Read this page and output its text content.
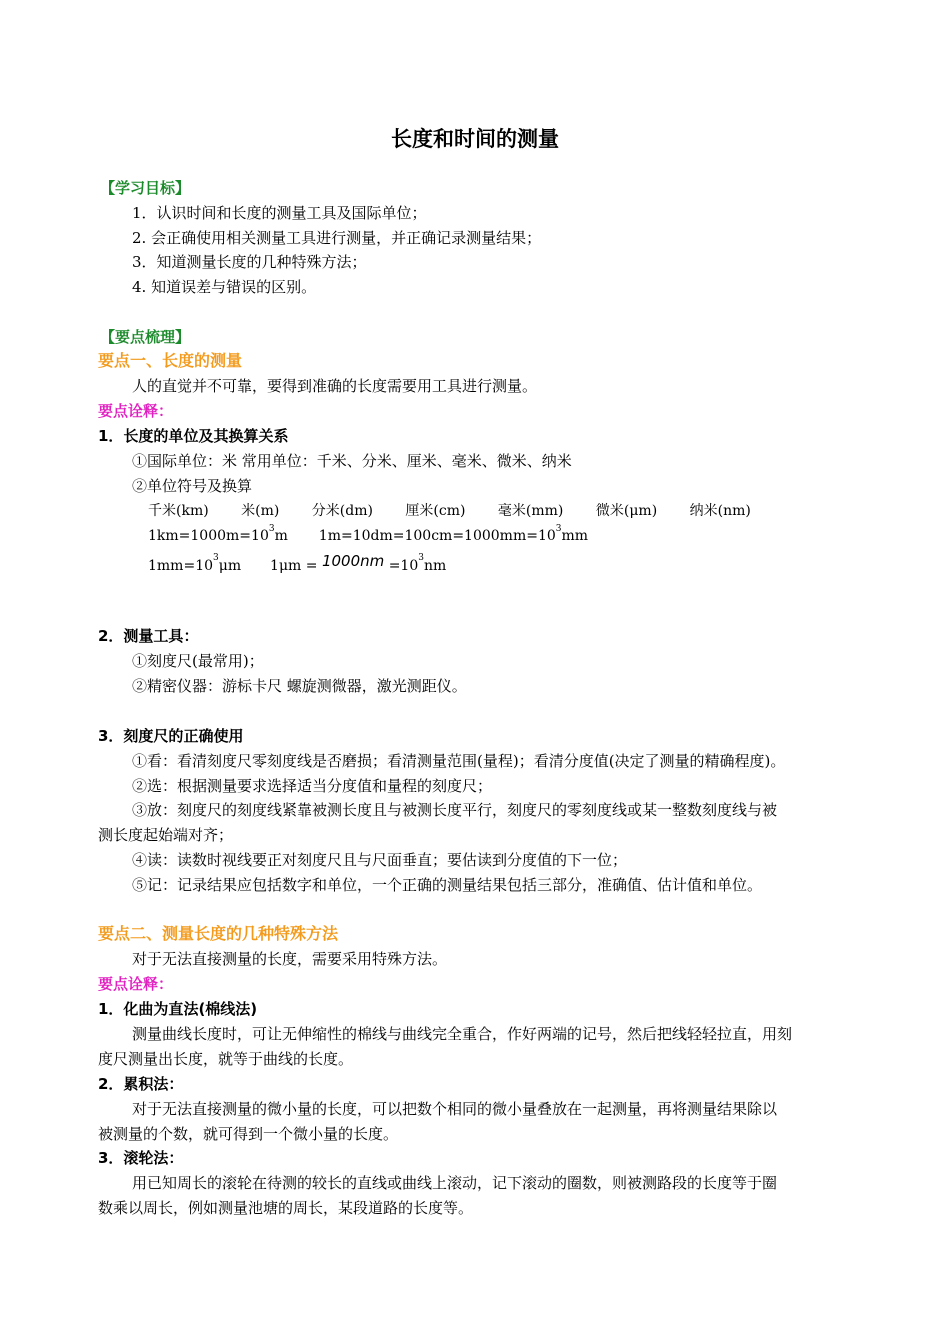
长度和时间的测量
【学习目标】
1．认识时间和长度的测量工具及国际单位；
2. 会正确使用相关测量工具进行测量，并正确记录测量结果；
3．知道测量长度的几种特殊方法；
4. 知道误差与错误的区别。
【要点梳理】
要点一、长度的测量
人的直觉并不可靠，要得到准确的长度需要用工具进行测量。
要点诠释：
1．长度的单位及其换算关系
①国际单位：米 常用单位：千米、分米、厘米、毫米、微米、纳米
②单位符号及换算
千米(km) 米(m) 分米(dm) 厘米(cm) 毫米(mm) 微米(μm) 纳米(nm)
$1km=1000m=10^3m$ $1m=10dm=100cm=1000mm=10^3mm$
$1mm=10^3\mu m$ $1\mu m = 1000nm =10^3nm$
2．测量工具：
①刻度尺(最常用)；
②精密仪器：游标卡尺 螺旋测微器，激光测距仪。
3．刻度尺的正确使用
①看：看清刻度尺零刻度线是否磨损；看清测量范围(量程)；看清分度值(决定了测量的精确程度)。
②选：根据测量要求选择适当分度值和量程的刻度尺；
③放：刻度尺的刻度线紧靠被测长度且与被测长度平行，刻度尺的零刻度线或某一整数刻度线与被
测长度起始端对齐；
④读：读数时视线要正对刻度尺且与尺面垂直；要估读到分度值的下一位；
⑤记：记录结果应包括数字和单位，一个正确的测量结果包括三部分，准确值、估计值和单位。
要点二、测量长度的几种特殊方法
对于无法直接测量的长度，需要采用特殊方法。
要点诠释：
1．化曲为直法(棉线法)
测量曲线长度时，可让无伸缩性的棉线与曲线完全重合，作好两端的记号，然后把线轻轻拉直，用刻
度尺测量出长度，就等于曲线的长度。
2．累积法：
对于无法直接测量的微小量的长度，可以把数个相同的微小量叠放在一起测量，再将测量结果除以
被测量的个数，就可得到一个微小量的长度。
3．滚轮法：
用已知周长的滚轮在待测的较长的直线或曲线上滚动，记下滚动的圈数，则被测路段的长度等于圈
数乘以周长，例如测量池塘的周长，某段道路的长度等。
